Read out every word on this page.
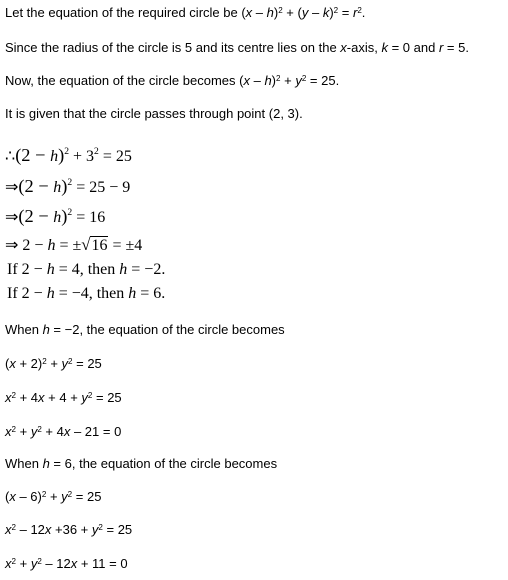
Let the equation of the required circle be $(x - h)^2 + (y - k)^2 = r^2$.
Since the radius of the circle is 5 and its centre lies on the x-axis, k = 0 and r = 5.
Now, the equation of the circle becomes $(x - h)^2 + y^2 = 25$.
It is given that the circle passes through point (2, 3).
∴(2 − $h)^2 + 3^2 = 25$
⇒(2 − h)$^2$ = 25 − 9
⇒(2 − h)$^2$ = 16
⇒ 2 − h = ±√16 = ±4
If 2 − h = 4, then h = −2.
If 2 − h = −4, then h = 6.
When h = −2, the equation of the circle becomes
$(x + 2)^2 + y^2 = 25$
$x^2 + 4x + 4 + y^2 = 25$
$x^2 + y^2 + 4x - 21 = 0$
When h = 6, the equation of the circle becomes
$(x - 6)^2 + y^2 = 25$
$x^2 - 12x +36 + y^2 = 25$
$x^2 + y^2 - 12x + 11 = 0$
